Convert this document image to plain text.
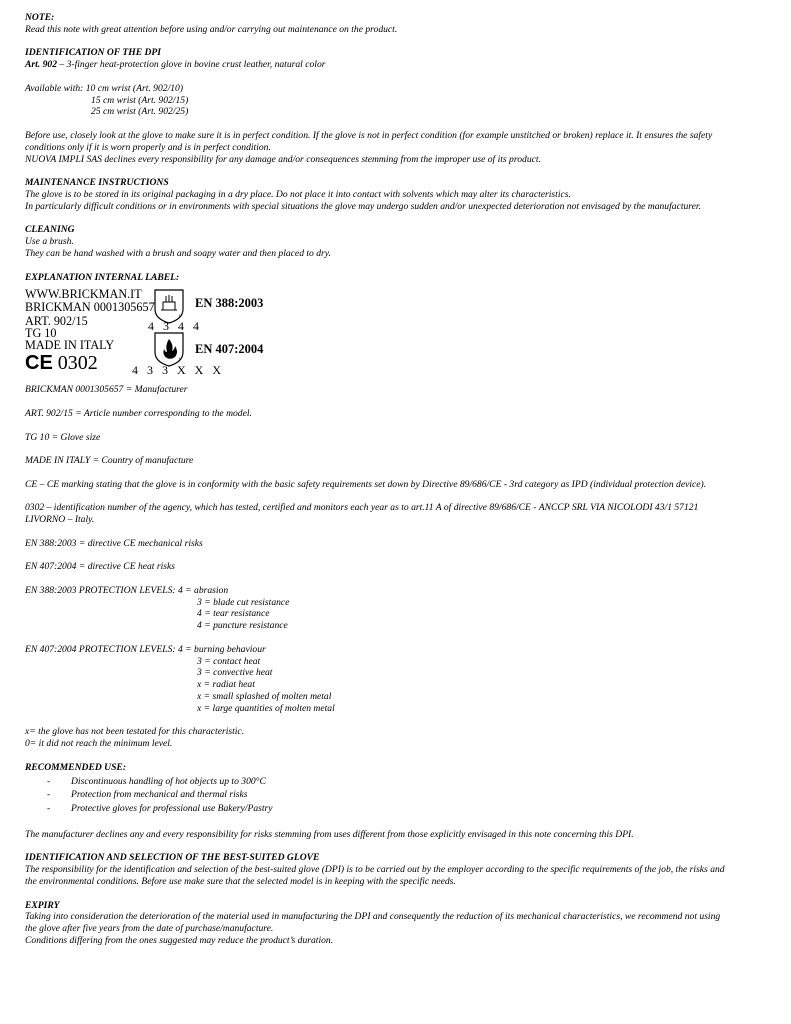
NOTE:
Read this note with great attention before using and/or carrying out maintenance on the product.
IDENTIFICATION OF THE DPI
Art. 902 – 3-finger heat-protection glove in bovine crust leather, natural color
Available with: 10 cm wrist (Art. 902/10)
15 cm wrist (Art. 902/15)
25 cm wrist (Art. 902/25)
Before use, closely look at the glove to make sure it is in perfect condition. If the glove is not in perfect condition (for example unstitched or broken) replace it. It ensures the safety conditions only if it is worn properly and is in perfect condition.
NUOVA IMPLI SAS declines every responsibility for any damage and/or consequences stemming from the improper use of its product.
MAINTENANCE INSTRUCTIONS
The glove is to be stored in its original packaging in a dry place. Do not place it into contact with solvents which may alter its characteristics.
In particularly difficult conditions or in environments with special situations the glove may undergo sudden and/or unexpected deterioration not envisaged by the manufacturer.
CLEANING
Use a brush.
They can be hand washed with a brush and soapy water and then placed to dry.
EXPLANATION INTERNAL LABEL:
WWW.BRICKMAN.IT
BRICKMAN 0001305657
ART. 902/15
TG 10
MADE IN ITALY
CE 0302
i
i
EN 388:2003
4 3 4 4
EN 407:2004
4 3 3 X X X
BRICKMAN 0001305657 = Manufacturer
ART. 902/15 = Article number corresponding to the model.
TG 10 = Glove size
MADE IN ITALY = Country of manufacture
CE – CE marking stating that the glove is in conformity with the basic safety requirements set down by Directive 89/686/CE - 3rd category as IPD (individual protection device).
0302 – identification number of the agency, which has tested, certified and monitors each year as to art.11 A of directive 89/686/CE - ANCCP SRL VIA NICOLODI 43/1 57121 LIVORNO – Italy.
EN 388:2003 = directive CE mechanical risks
EN 407:2004 = directive CE heat risks
EN 388:2003 PROTECTION LEVELS: 4 = abrasion
3 = blade cut resistance
4 = tear resistance
4 = puncture resistance
EN 407:2004 PROTECTION LEVELS: 4 = burning behaviour
3 = contact heat
3 = convective heat
x = radiat heat
x = small splashed of molten metal
x = large quantities of molten metal
x= the glove has not been testated for this characteristic.
0= it did not reach the minimum level.
RECOMMENDED USE:
- Discontinuous handling of hot objects up to 300°C
- Protection from mechanical and thermal risks
- Protective gloves for professional use Bakery/Pastry
The manufacturer declines any and every responsibility for risks stemming from uses different from those explicitly envisaged in this note concerning this DPI.
IDENTIFICATION AND SELECTION OF THE BEST-SUITED GLOVE
The responsibility for the identification and selection of the best-suited glove (DPI) is to be carried out by the employer according to the specific requirements of the job, the risks and the environmental conditions. Before use make sure that the selected model is in keeping with the specific needs.
EXPIRY
Taking into consideration the deterioration of the material used in manufacturing the DPI and consequently the reduction of its mechanical characteristics, we recommend not using the glove after five years from the date of purchase/manufacture.
Conditions differing from the ones suggested may reduce the product’s duration.
